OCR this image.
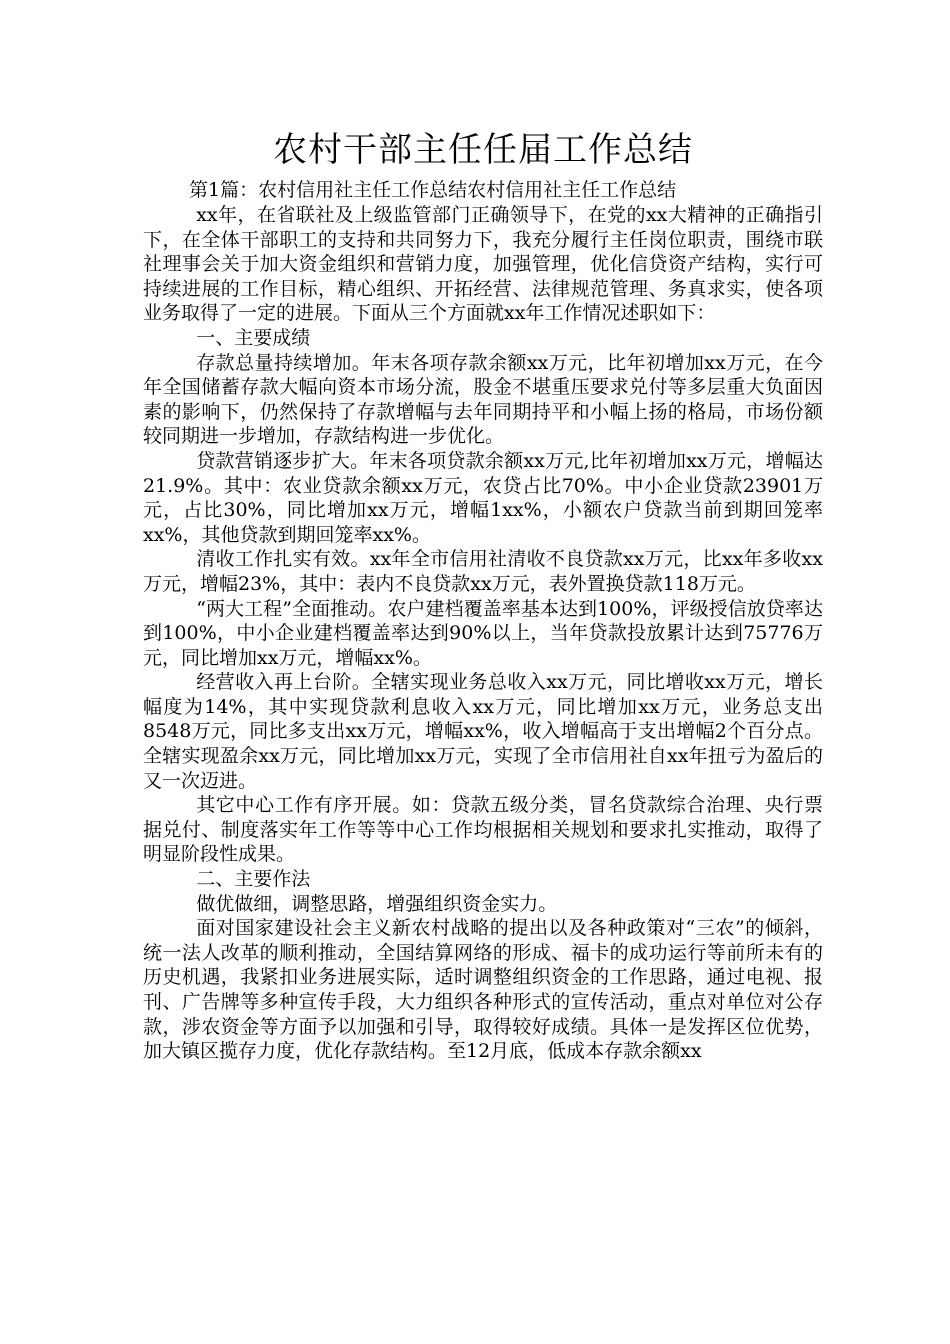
农村干部主任任届工作总结

第1篇：农村信用社主任工作总结农村信用社主任工作总结

xx年，在省联社及上级监管部门正确领导下，在党的xx大精神的正确指引下，在全体干部职工的支持和共同努力下，我充分履行主任岗位职责，围绕市联社理事会关于加大资金组织和营销力度，加强管理，优化信贷资产结构，实行可持续进展的工作目标，精心组织、开拓经营、法律规范管理、务真求实，使各项业务取得了一定的进展。下面从三个方面就xx年工作情况述职如下：

一、主要成绩

存款总量持续增加。年末各项存款余额xx万元，比年初增加xx万元，在今年全国储蓄存款大幅向资本市场分流，股金不堪重压要求兑付等多层重大负面因素的影响下，仍然保持了存款增幅与去年同期持平和小幅上扬的格局，市场份额较同期进一步增加，存款结构进一步优化。

贷款营销逐步扩大。年末各项贷款余额xx万元,比年初增加xx万元，增幅达21.9%。其中：农业贷款余额xx万元，农贷占比70%。中小企业贷款23901万元，占比30%，同比增加xx万元，增幅1xx%，小额农户贷款当前到期回笼率xx%，其他贷款到期回笼率xx%。

清收工作扎实有效。xx年全市信用社清收不良贷款xx万元，比xx年多收xx万元，增幅23%，其中：表内不良贷款xx万元，表外置换贷款118万元。

“两大工程”全面推动。农户建档覆盖率基本达到100%，评级授信放贷率达到100%，中小企业建档覆盖率达到90%以上，当年贷款投放累计达到75776万元，同比增加xx万元，增幅xx%。

经营收入再上台阶。全辖实现业务总收入xx万元，同比增收xx万元，增长幅度为14%，其中实现贷款利息收入xx万元，同比增加xx万元，业务总支出8548万元，同比多支出xx万元，增幅xx%，收入增幅高于支出增幅2个百分点。全辖实现盈余xx万元，同比增加xx万元，实现了全市信用社自xx年扭亏为盈后的又一次迈进。

其它中心工作有序开展。如：贷款五级分类，冒名贷款综合治理、央行票据兑付、制度落实年工作等等中心工作均根据相关规划和要求扎实推动，取得了明显阶段性成果。

二、主要作法

做优做细，调整思路，增强组织资金实力。

面对国家建设社会主义新农村战略的提出以及各种政策对“三农”的倾斜，统一法人改革的顺利推动，全国结算网络的形成、福卡的成功运行等前所未有的历史机遇，我紧扣业务进展实际，适时调整组织资金的工作思路，通过电视、报刊、广告牌等多种宣传手段，大力组织各种形式的宣传活动，重点对单位对公存款，涉农资金等方面予以加强和引导，取得较好成绩。具体一是发挥区位优势，加大镇区揽存力度，优化存款结构。至12月底，低成本存款余额xx
